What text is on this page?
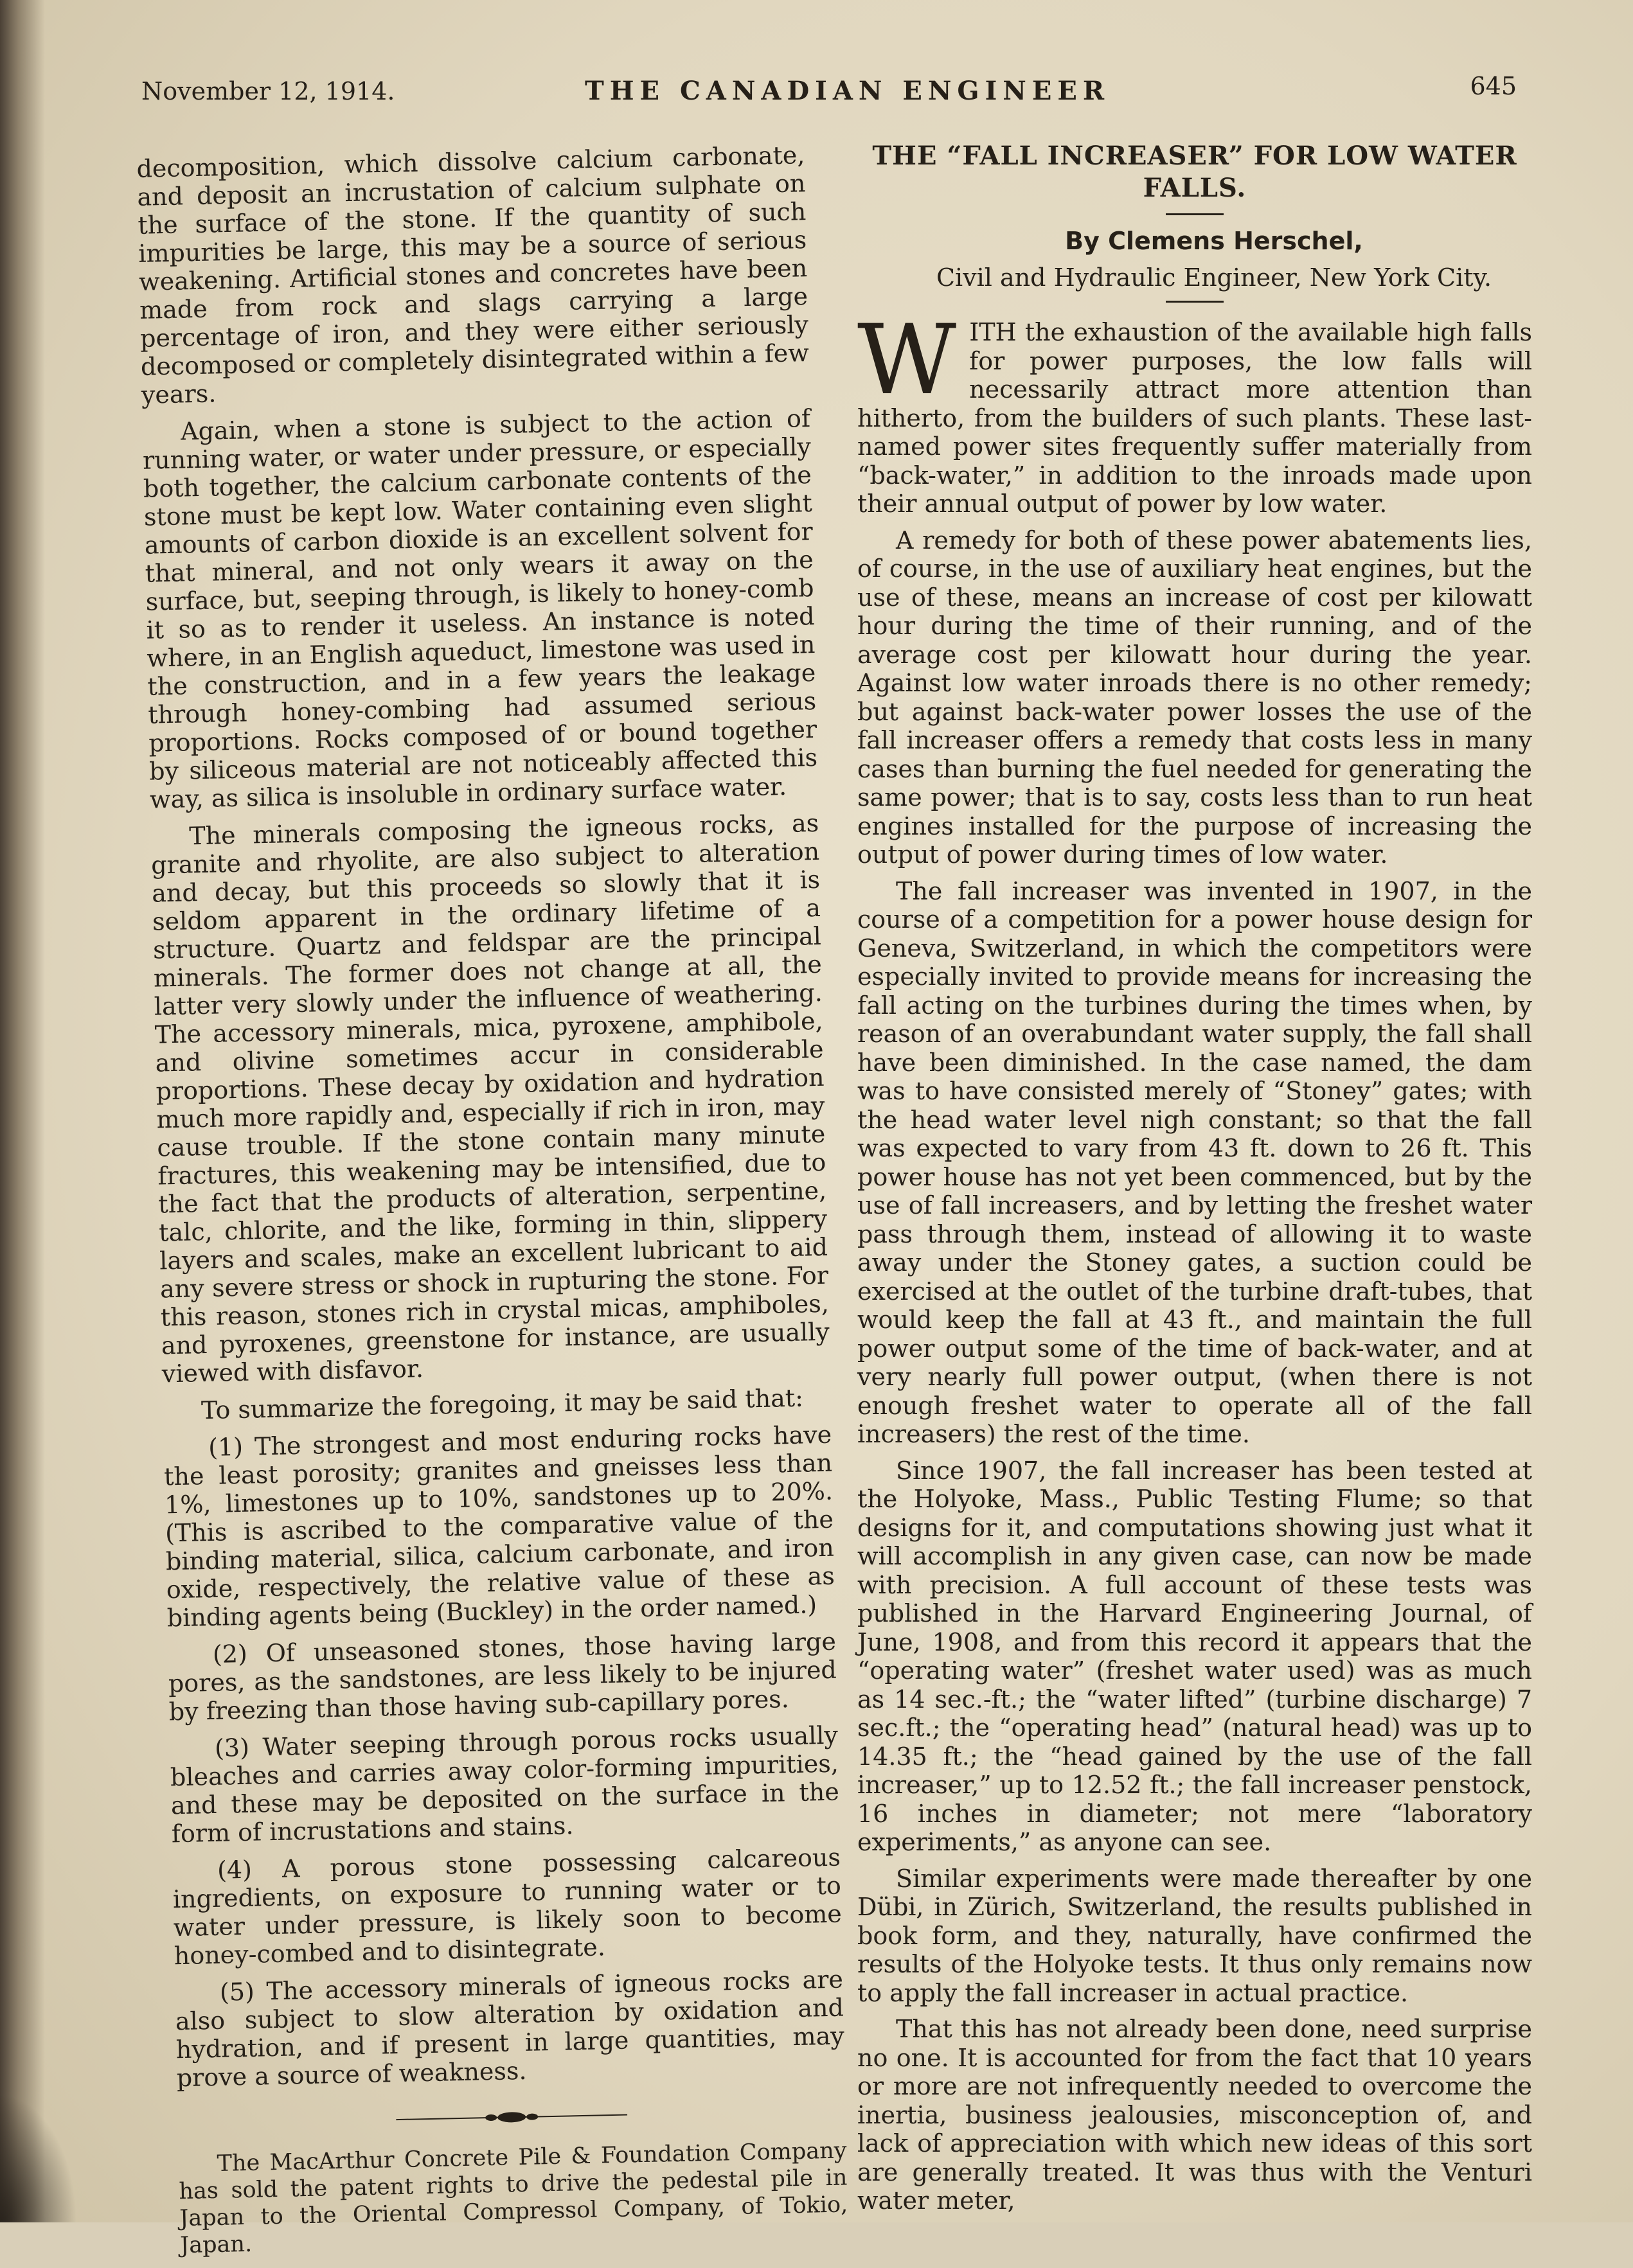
November 12, 1914.	THE CANADIAN ENGINEER	645

decomposition, which dissolve calcium carbonate, and deposit an incrustation of calcium sulphate on the surface of the stone. If the quantity of such impurities be large, this may be a source of serious weakening. Artificial stones and concretes have been made from rock and slags carrying a large percentage of iron, and they were either seriously decomposed or completely disintegrated within a few years.

Again, when a stone is subject to the action of running water, or water under pressure, or especially both together, the calcium carbonate contents of the stone must be kept low. Water containing even slight amounts of carbon dioxide is an excellent solvent for that mineral, and not only wears it away on the surface, but, seeping through, is likely to honey-comb it so as to render it useless. An instance is noted where, in an English aqueduct, limestone was used in the construction, and in a few years the leakage through honey-combing had assumed serious proportions. Rocks composed of or bound together by siliceous material are not noticeably affected this way, as silica is insoluble in ordinary surface water.

The minerals composing the igneous rocks, as granite and rhyolite, are also subject to alteration and decay, but this proceeds so slowly that it is seldom apparent in the ordinary lifetime of a structure. Quartz and feldspar are the principal minerals. The former does not change at all, the latter very slowly under the influence of weathering. The accessory minerals, mica, pyroxene, amphibole, and olivine sometimes accur in considerable proportions. These decay by oxidation and hydration much more rapidly and, especially if rich in iron, may cause trouble. If the stone contain many minute fractures, this weakening may be intensified, due to the fact that the products of alteration, serpentine, talc, chlorite, and the like, forming in thin, slippery layers and scales, make an excellent lubricant to aid any severe stress or shock in rupturing the stone. For this reason, stones rich in crystal micas, amphiboles, and pyroxenes, greenstone for instance, are usually viewed with disfavor.

To summarize the foregoing, it may be said that:

(1) The strongest and most enduring rocks have the least porosity; granites and gneisses less than 1%, limestones up to 10%, sandstones up to 20%. (This is ascribed to the comparative value of the binding material, silica, calcium carbonate, and iron oxide, respectively, the relative value of these as binding agents being (Buckley) in the order named.)

(2) Of unseasoned stones, those having large pores, as the sandstones, are less likely to be injured by freezing than those having sub-capillary pores.

(3) Water seeping through porous rocks usually bleaches and carries away color-forming impurities, and these may be deposited on the surface in the form of incrustations and stains.

(4) A porous stone possessing calcareous ingredients, on exposure to running water or to water under pressure, is likely soon to become honey-combed and to disintegrate.

(5) The accessory minerals of igneous rocks are also subject to slow alteration by oxidation and hydration, and if present in large quantities, may prove a source of weakness.

The MacArthur Concrete Pile & Foundation Company has sold the patent rights to drive the pedestal pile in Japan to the Oriental Compressol Company, of Tokio, Japan.

THE “FALL INCREASER” FOR LOW WATER FALLS.

By Clemens Herschel,

Civil and Hydraulic Engineer, New York City.

WITH the exhaustion of the available high falls for power purposes, the low falls will necessarily attract more attention than hitherto, from the builders of such plants. These last-named power sites frequently suffer materially from “back-water,” in addition to the inroads made upon their annual output of power by low water.

A remedy for both of these power abatements lies, of course, in the use of auxiliary heat engines, but the use of these, means an increase of cost per kilowatt hour during the time of their running, and of the average cost per kilowatt hour during the year. Against low water inroads there is no other remedy; but against back-water power losses the use of the fall increaser offers a remedy that costs less in many cases than burning the fuel needed for generating the same power; that is to say, costs less than to run heat engines installed for the purpose of increasing the output of power during times of low water.

The fall increaser was invented in 1907, in the course of a competition for a power house design for Geneva, Switzerland, in which the competitors were especially invited to provide means for increasing the fall acting on the turbines during the times when, by reason of an overabundant water supply, the fall shall have been diminished. In the case named, the dam was to have consisted merely of “Stoney” gates; with the head water level nigh constant; so that the fall was expected to vary from 43 ft. down to 26 ft. This power house has not yet been commenced, but by the use of fall increasers, and by letting the freshet water pass through them, instead of allowing it to waste away under the Stoney gates, a suction could be exercised at the outlet of the turbine draft-tubes, that would keep the fall at 43 ft., and maintain the full power output some of the time of back-water, and at very nearly full power output, (when there is not enough freshet water to operate all of the fall increasers) the rest of the time.

Since 1907, the fall increaser has been tested at the Holyoke, Mass., Public Testing Flume; so that designs for it, and computations showing just what it will accomplish in any given case, can now be made with precision. A full account of these tests was published in the Harvard Engineering Journal, of June, 1908, and from this record it appears that the “operating water” (freshet water used) was as much as 14 sec.-ft.; the “water lifted” (turbine discharge) 7 sec.ft.; the “operating head” (natural head) was up to 14.35 ft.; the “head gained by the use of the fall increaser,” up to 12.52 ft.; the fall increaser penstock, 16 inches in diameter; not mere “laboratory experiments,” as anyone can see.

Similar experiments were made thereafter by one Dübi, in Zürich, Switzerland, the results published in book form, and they, naturally, have confirmed the results of the Holyoke tests. It thus only remains now to apply the fall increaser in actual practice.

That this has not already been done, need surprise no one. It is accounted for from the fact that 10 years or more are not infrequently needed to overcome the inertia, business jealousies, misconception of, and lack of appreciation with which new ideas of this sort are generally treated. It was thus with the Venturi water meter,
